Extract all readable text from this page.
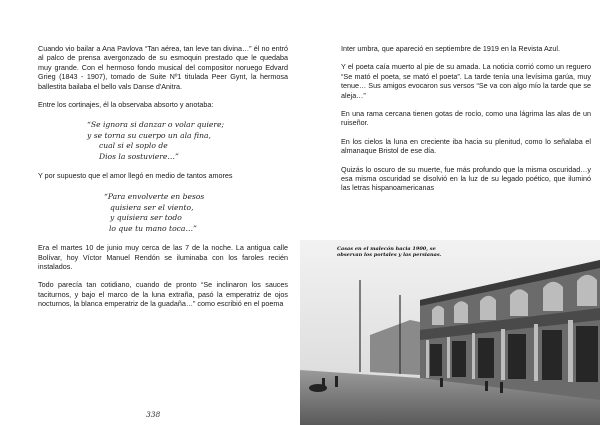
Cuando vio bailar a Ana Pavlova “Tan aérea, tan leve tan divina…” él no entró al palco de prensa avergonzado de su esmoquin prestado que le quedaba muy grande. Con el hermoso fondo musical del compositor noruego Edvard Grieg (1843 - 1907), tomado de Suite Nº1 titulada Peer Gynt, la hermosa ballestita bailaba el bello vals Danse d'Anitra.

Entre los cortinajes, él la observaba absorto y anotaba:

“Se ignora si danzar o volar quiere;
y se torna su cuerpo un ala fina,
cual si el soplo de
Dios la sostuviere…”

Y por supuesto que el amor llegó en medio de tantos amores

“Para envolverte en besos
quisiera ser el viento,
y quisiera ser todo
lo que tu mano toca…”

Era el martes 10 de junio muy cerca de las 7 de la noche. La antigua calle Bolívar, hoy Víctor Manuel Rendón se iluminaba con los faroles recién instalados.

Todo parecía tan cotidiano, cuando de pronto “Se inclinaron los sauces taciturnos, y bajo el marco de la luna extraña, pasó la emperatriz de ojos nocturnos, la blanca emperatriz de la guadaña…” como escribió en el poema

338

Inter umbra, que apareció en septiembre de 1919 en la Revista Azul.

Y el poeta caía muerto al pie de su amada. La noticia corrió como un reguero “Se mató el poeta, se mató el poeta”. La tarde tenía una levísima garúa, muy tenue… Sus amigos evocaron sus versos “Se va con algo mío la tarde que se aleja…”

En una rama cercana tienen gotas de rocío, como una lágrima las alas de un ruiseñor.

En los cielos la luna en creciente iba hacia su plenitud, como lo señalaba el almanaque Bristol de ese día.

Quizás lo oscuro de su muerte, fue más profundo que la misma oscuridad…y esa misma oscuridad se disolvió en la luz de su legado poético, que iluminó las letras hispanoamericanas

Casas en el malecón hacia 1900, se observan los portales y las persianas.
